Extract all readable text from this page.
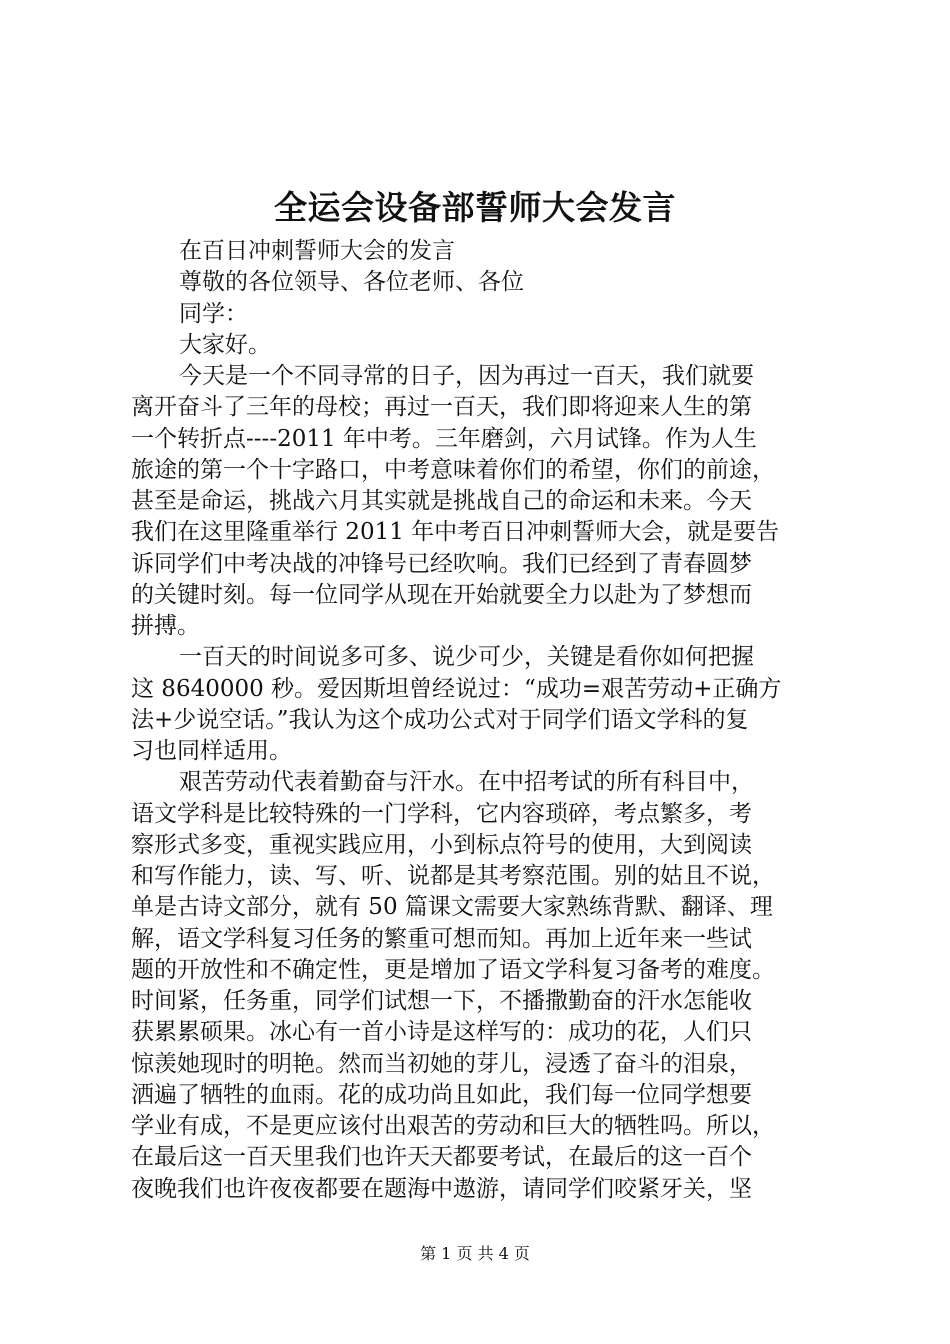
全运会设备部誓师大会发言
在百日冲刺誓师大会的发言
尊敬的各位领导、各位老师、各位
同学：
大家好。
今天是一个不同寻常的日子，因为再过一百天，我们就要
离开奋斗了三年的母校；再过一百天，我们即将迎来人生的第
一个转折点----2011 年中考。三年磨剑，六月试锋。作为人生
旅途的第一个十字路口，中考意味着你们的希望，你们的前途，
甚至是命运，挑战六月其实就是挑战自己的命运和未来。今天
我们在这里隆重举行 2011 年中考百日冲刺誓师大会，就是要告
诉同学们中考决战的冲锋号已经吹响。我们已经到了青春圆梦
的关键时刻。每一位同学从现在开始就要全力以赴为了梦想而
拼搏。
一百天的时间说多可多、说少可少，关键是看你如何把握
这 8640000 秒。爱因斯坦曾经说过：“成功=艰苦劳动+正确方
法+少说空话。”我认为这个成功公式对于同学们语文学科的复
习也同样适用。
艰苦劳动代表着勤奋与汗水。在中招考试的所有科目中，
语文学科是比较特殊的一门学科，它内容琐碎，考点繁多，考
察形式多变，重视实践应用，小到标点符号的使用，大到阅读
和写作能力，读、写、听、说都是其考察范围。别的姑且不说，
单是古诗文部分，就有 50 篇课文需要大家熟练背默、翻译、理
解，语文学科复习任务的繁重可想而知。再加上近年来一些试
题的开放性和不确定性，更是增加了语文学科复习备考的难度。
时间紧，任务重，同学们试想一下，不播撒勤奋的汗水怎能收
获累累硕果。冰心有一首小诗是这样写的：成功的花，人们只
惊羡她现时的明艳。然而当初她的芽儿，浸透了奋斗的泪泉，
洒遍了牺牲的血雨。花的成功尚且如此，我们每一位同学想要
学业有成，不是更应该付出艰苦的劳动和巨大的牺牲吗。所以，
在最后这一百天里我们也许天天都要考试，在最后的这一百个
夜晚我们也许夜夜都要在题海中遨游，请同学们咬紧牙关，坚
第 1 页 共 4 页
